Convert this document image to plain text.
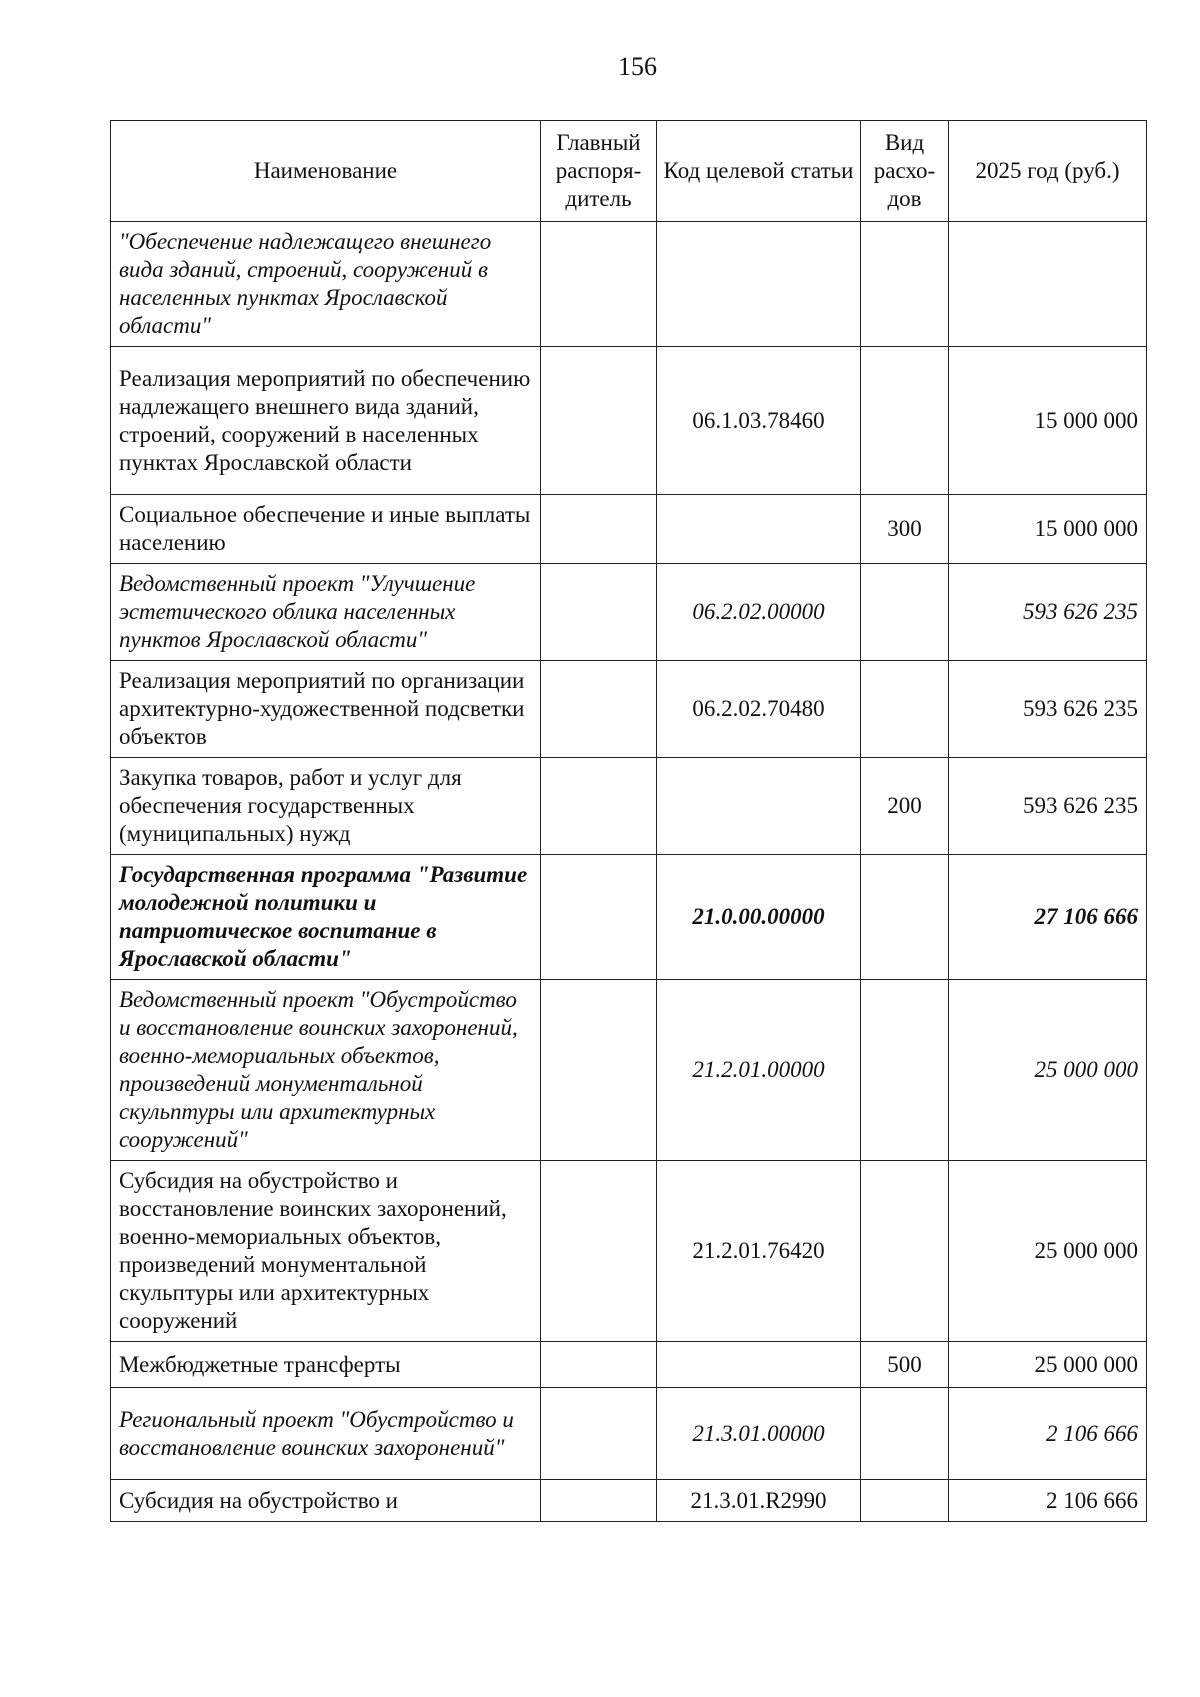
156
Наименование	Главный распоря-дитель	Код целевой статьи	Вид расхо-дов	2025 год (руб.)
"Обеспечение надлежащего внешнего вида зданий, строений, сооружений в населенных пунктах Ярославской области"				
Реализация мероприятий по обеспечению надлежащего внешнего вида зданий, строений, сооружений в населенных пунктах Ярославской области		06.1.03.78460		15 000 000
Социальное обеспечение и иные выплаты населению			300	15 000 000
Ведомственный проект "Улучшение эстетического облика населенных пунктов Ярославской области"		06.2.02.00000		593 626 235
Реализация мероприятий по организации архитектурно-художественной подсветки объектов		06.2.02.70480		593 626 235
Закупка товаров, работ и услуг для обеспечения государственных (муниципальных) нужд			200	593 626 235
Государственная программа "Развитие молодежной политики и патриотическое воспитание в Ярославской области"		21.0.00.00000		27 106 666
Ведомственный проект "Обустройство и восстановление воинских захоронений, военно-мемориальных объектов, произведений монументальной скульптуры или архитектурных сооружений"		21.2.01.00000		25 000 000
Субсидия на обустройство и восстановление воинских захоронений, военно-мемориальных объектов, произведений монументальной скульптуры или архитектурных сооружений		21.2.01.76420		25 000 000
Межбюджетные трансферты			500	25 000 000
Региональный проект "Обустройство и восстановление воинских захоронений"		21.3.01.00000		2 106 666
Субсидия на обустройство и		21.3.01.R2990		2 106 666
